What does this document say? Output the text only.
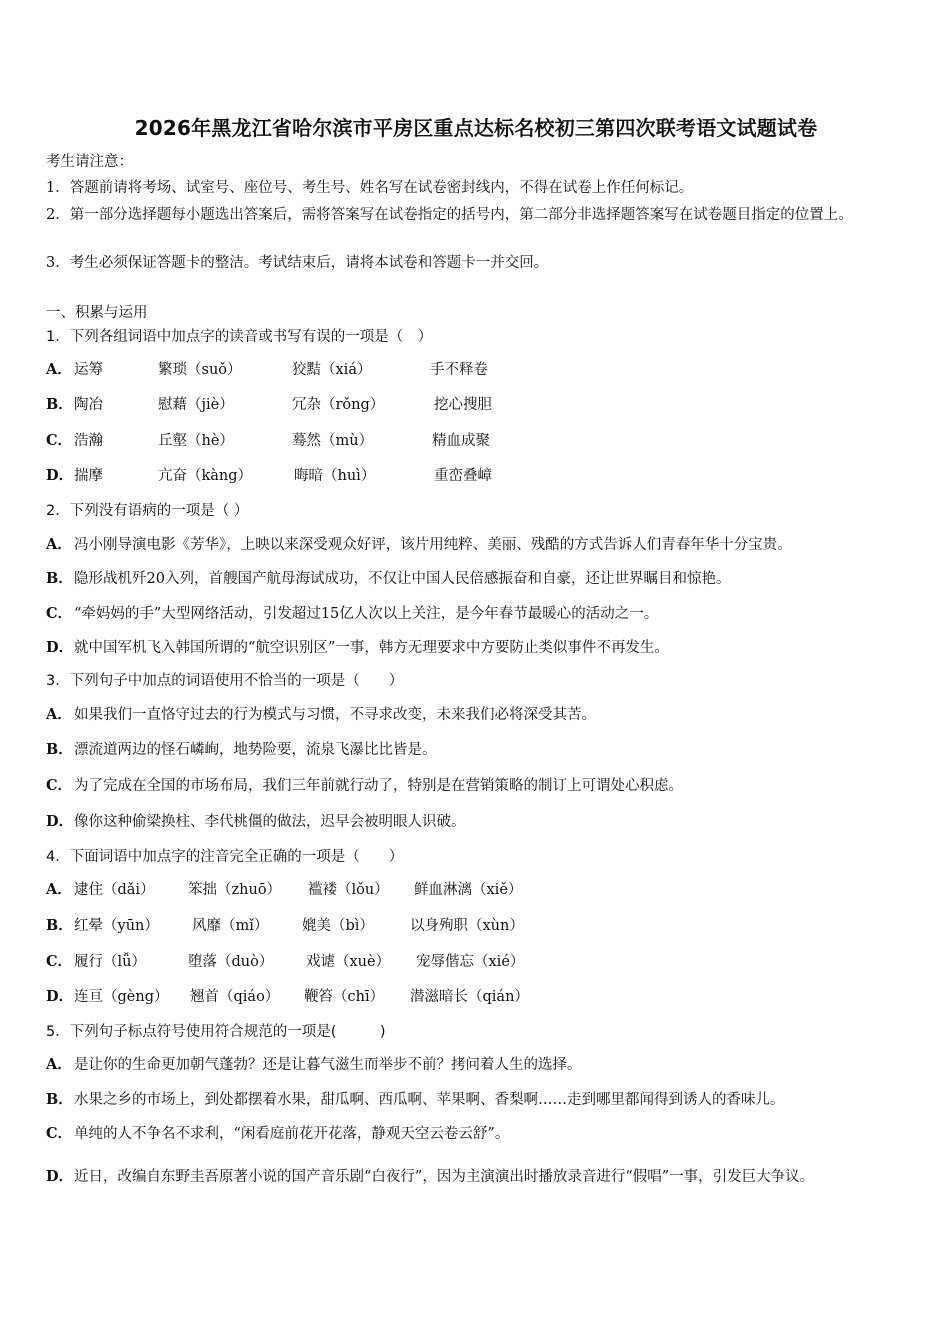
2026年黑龙江省哈尔滨市平房区重点达标名校初三第四次联考语文试题试卷
考生请注意：
1．答题前请将考场、试室号、座位号、考生号、姓名写在试卷密封线内，不得在试卷上作任何标记。
2．第一部分选择题每小题选出答案后，需将答案写在试卷指定的括号内，第二部分非选择题答案写在试卷题目指定的位置上。
3．考生必须保证答题卡的整洁。考试结束后，请将本试卷和答题卡一并交回。
一、积累与运用
1．下列各组词语中加点字的读音或书写有误的一项是（　）
A． 运筹	繁琐（suǒ）	狡黠（xiá）	手不释卷
B． 陶冶	慰藉（jiè）	冗杂（rǒng）	挖心搜胆
C． 浩瀚	丘壑（hè）	蓦然（mù）	精血成聚
D． 揣摩	亢奋（kàng）	晦暗（huì）	重峦叠嶂
2．下列没有语病的一项是（ ）
A． 冯小刚导演电影《芳华》，上映以来深受观众好评，该片用纯粹、美丽、残酷的方式告诉人们青春年华十分宝贵。
B．隐形战机歼20入列，首艘国产航母海试成功，不仅让中国人民倍感振奋和自豪，还让世界瞩目和惊艳。
C． “牵妈妈的手”大型网络活动，引发超过15亿人次以上关注，是今年春节最暖心的活动之一。
D．就中国军机飞入韩国所谓的“航空识别区”一事，韩方无理要求中方要防止类似事件不再发生。
3．下列句子中加点的词语使用不恰当的一项是（　　）
A． 如果我们一直恪守过去的行为模式与习惯，不寻求改变，未来我们必将深受其苦。
B．漂流道两边的怪石嶙峋，地势险要，流泉飞瀑比比皆是。
C． 为了完成在全国的市场布局，我们三年前就行动了，特别是在营销策略的制订上可谓处心积虑。
D．像你这种偷梁换柱、李代桃僵的做法，迟早会被明眼人识破。
4．下面词语中加点字的注音完全正确的一项是（　　）
A． 逮住（dǎi） 笨拙（zhuō） 褴褛（lǒu） 鲜血淋漓（xiě）
B． 红晕（yūn） 风靡（mǐ） 媲美（bì） 以身殉职（xùn）
C． 履行（lǚ）	堕落（duò） 戏谑（xuè） 宠辱偕忘（xié）
D． 连亘（gèng） 翘首（qiáo） 鞭笞（chī） 潜滋暗长（qián）
5．下列句子标点符号使用符合规范的一项是(　　　)
A． 是让你的生命更加朝气蓬勃？还是让暮气滋生而举步不前？拷问着人生的选择。
B．水果之乡的市场上，到处都摆着水果，甜瓜啊、西瓜啊、苹果啊、香梨啊……走到哪里都闻得到诱人的香味儿。
C． 单纯的人不争名不求利，“闲看庭前花开花落，静观天空云卷云舒”。
D．近日，改编自东野圭吾原著小说的国产音乐剧“白夜行”，因为主演演出时播放录音进行“假唱”一事，引发巨大争议。
